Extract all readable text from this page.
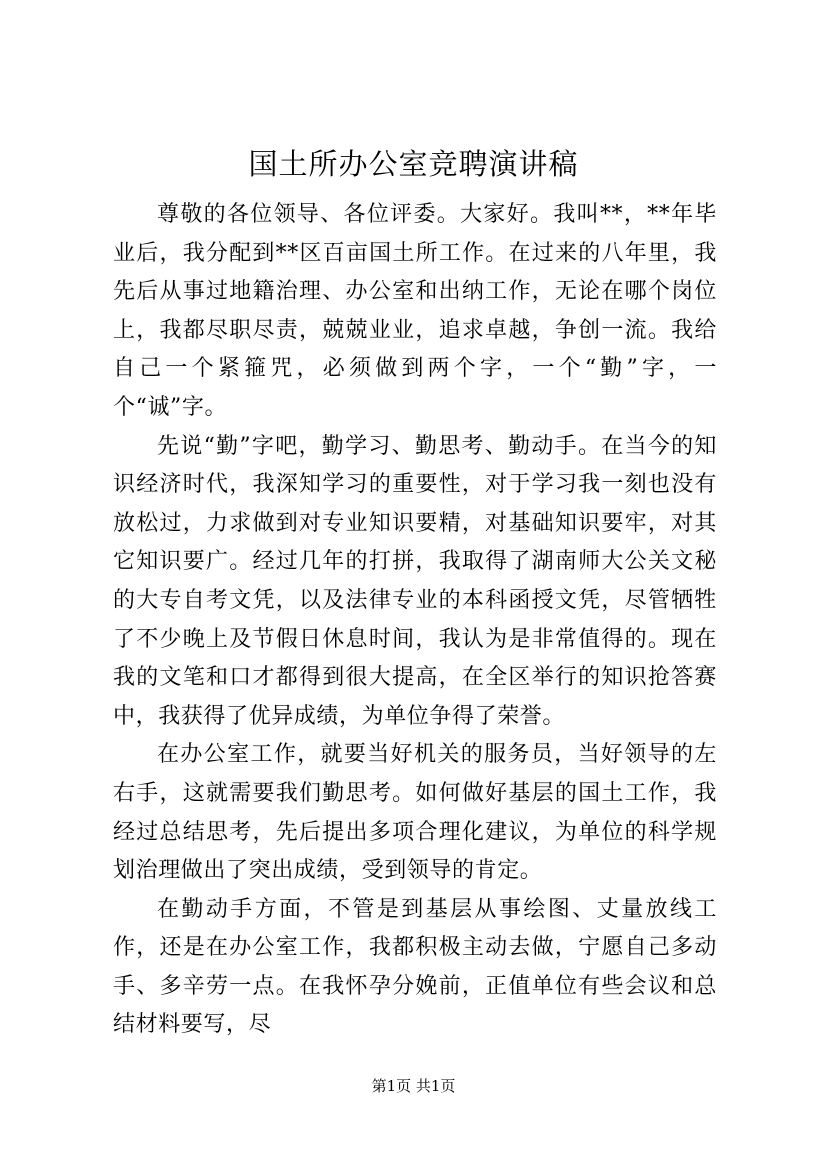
国土所办公室竞聘演讲稿

尊敬的各位领导、各位评委。大家好。我叫**，**年毕业后，我分配到**区百亩国土所工作。在过来的八年里，我先后从事过地籍治理、办公室和出纳工作，无论在哪个岗位上，我都尽职尽责，兢兢业业，追求卓越，争创一流。我给自己一个紧箍咒，必须做到两个字，一个“勤”字，一个“诚”字。

先说“勤”字吧，勤学习、勤思考、勤动手。在当今的知识经济时代，我深知学习的重要性，对于学习我一刻也没有放松过，力求做到对专业知识要精，对基础知识要牢，对其它知识要广。经过几年的打拼，我取得了湖南师大公关文秘的大专自考文凭，以及法律专业的本科函授文凭，尽管牺牲了不少晚上及节假日休息时间，我认为是非常值得的。现在我的文笔和口才都得到很大提高，在全区举行的知识抢答赛中，我获得了优异成绩，为单位争得了荣誉。

在办公室工作，就要当好机关的服务员，当好领导的左右手，这就需要我们勤思考。如何做好基层的国土工作，我经过总结思考，先后提出多项合理化建议，为单位的科学规划治理做出了突出成绩，受到领导的肯定。

在勤动手方面，不管是到基层从事绘图、丈量放线工作，还是在办公室工作，我都积极主动去做，宁愿自己多动手、多辛劳一点。在我怀孕分娩前，正值单位有些会议和总结材料要写，尽

第1页 共1页
